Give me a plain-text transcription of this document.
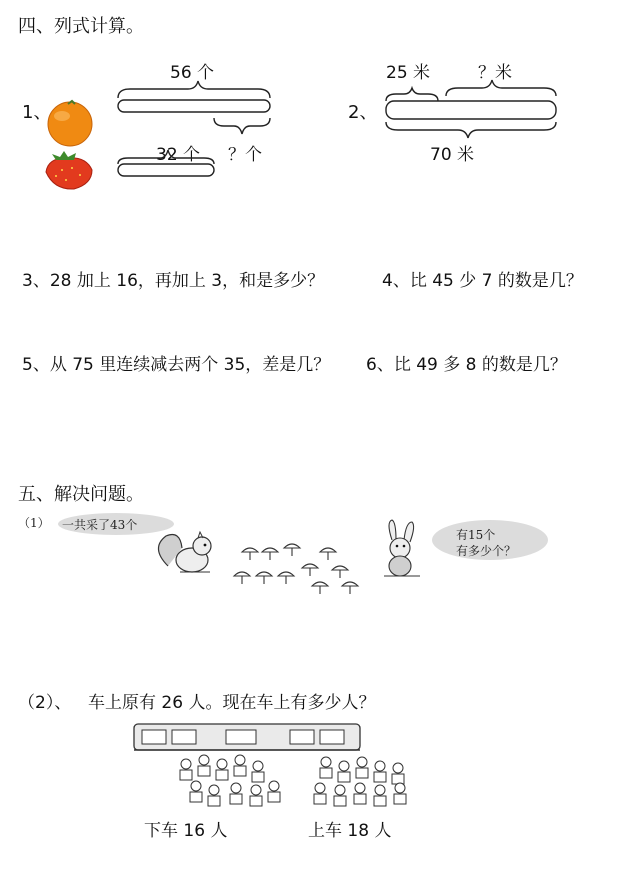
四、列式计算。
1、
56 个
32 个 ？个
2、
25 米	？米
70 米
3、28 加上 16，再加上 3，和是多少？	4、比 45 少 7 的数是几？
5、从 75 里连续减去两个 35，差是几？ 6、比 49 多 8 的数是几？
五、解决问题。
（1） 一共采了43个
有15个
有多少个？
（2）、 车上原有 26 人。现在车上有多少人？
下车 16 人	上车 18 人
